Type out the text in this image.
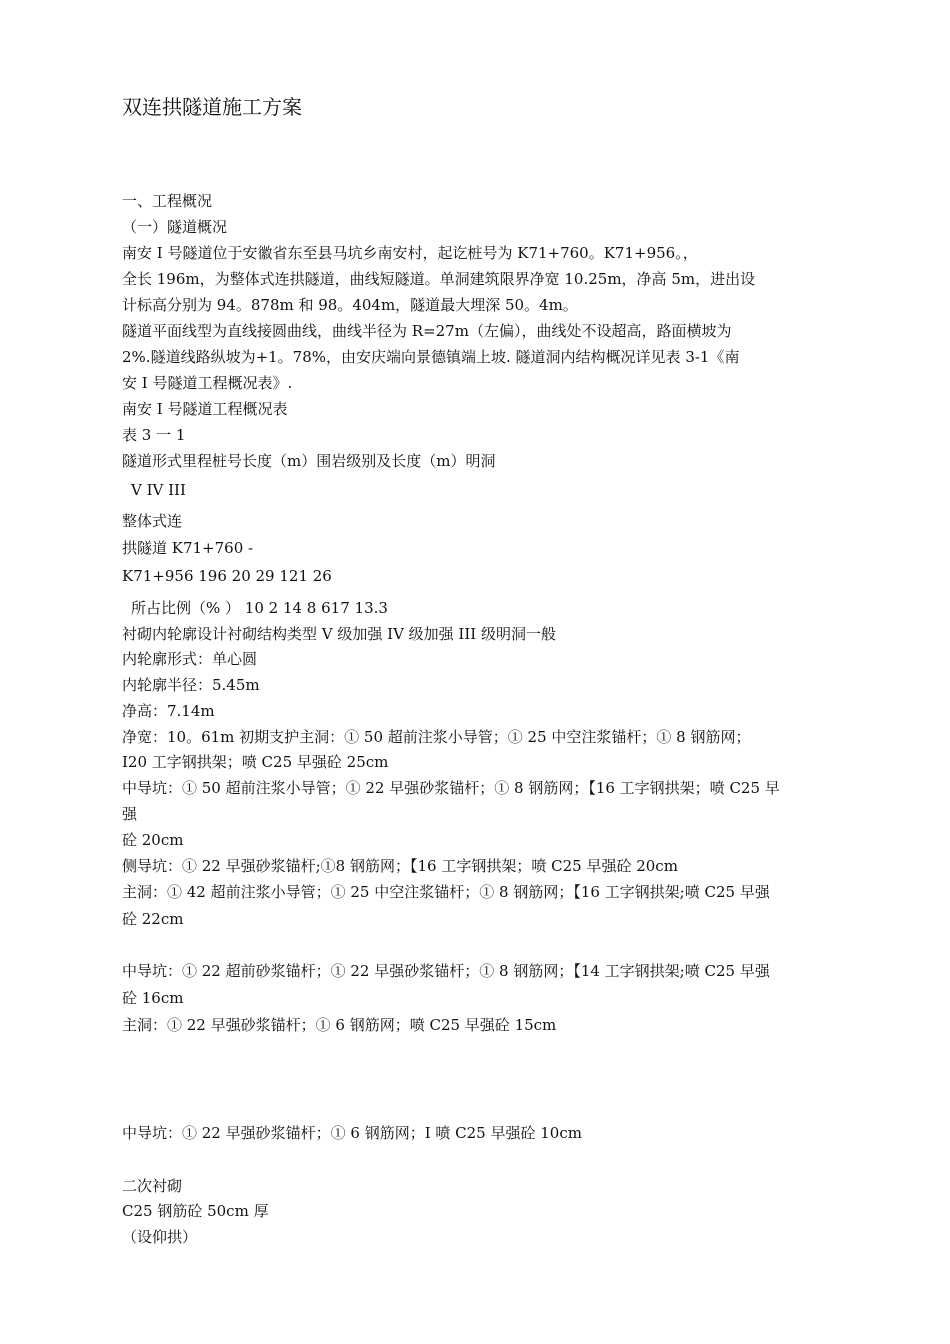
双连拱隧道施工方案
一、工程概况
（一）隧道概况
南安 I 号隧道位于安徽省东至县马坑乡南安村，起讫桩号为 K71+760。K71+956。，
全长 196m，为整体式连拱隧道，曲线短隧道。单洞建筑限界净宽 10.25m，净高 5m，进出设
计标高分别为 94。878m 和 98。404m，隧道最大埋深 50。4m。
隧道平面线型为直线接圆曲线，曲线半径为 R=27m（左偏），曲线处不设超高，路面横坡为
2%.隧道线路纵坡为+1。78%，由安庆端向景德镇端上坡. 隧道洞内结构概况详见表 3-1《南
安 I 号隧道工程概况表》.
南安 I 号隧道工程概况表
表 3 一 1
隧道形式里程桩号长度（m）围岩级别及长度（m）明洞
V IV III
整体式连
拱隧道 K71+760 -
K71+956 196 20 29 121 26
所占比例（% ） 10 2 14 8 617 13.3
衬砌内轮廓设计衬砌结构类型 V 级加强 IV 级加强 III 级明洞一般
内轮廓形式：单心圆
内轮廓半径：5.45m
净高：7.14m
净宽：10。61m 初期支护主洞：① 50 超前注浆小导管；① 25 中空注浆锚杆；① 8 钢筋网；
I20 工字钢拱架；喷 C25 早强砼 25cm
中导坑：① 50 超前注浆小导管；① 22 早强砂浆锚杆；① 8 钢筋网；【16 工字钢拱架；喷 C25 早
强
砼 20cm
侧导坑：① 22 早强砂浆锚杆;①8 钢筋网；【16 工字钢拱架；喷 C25 早强砼 20cm
主洞：① 42 超前注浆小导管；① 25 中空注浆锚杆；① 8 钢筋网；【16 工字钢拱架;喷 C25 早强
砼 22cm
中导坑：① 22 超前砂浆锚杆；① 22 早强砂浆锚杆；① 8 钢筋网；【14 工字钢拱架;喷 C25 早强
砼 16cm
主洞：① 22 早强砂浆锚杆；① 6 钢筋网；喷 C25 早强砼 15cm
中导坑：① 22 早强砂浆锚杆；① 6 钢筋网；I 喷 C25 早强砼 10cm
二次衬砌
C25 钢筋砼 50cm 厚
（设仰拱）
